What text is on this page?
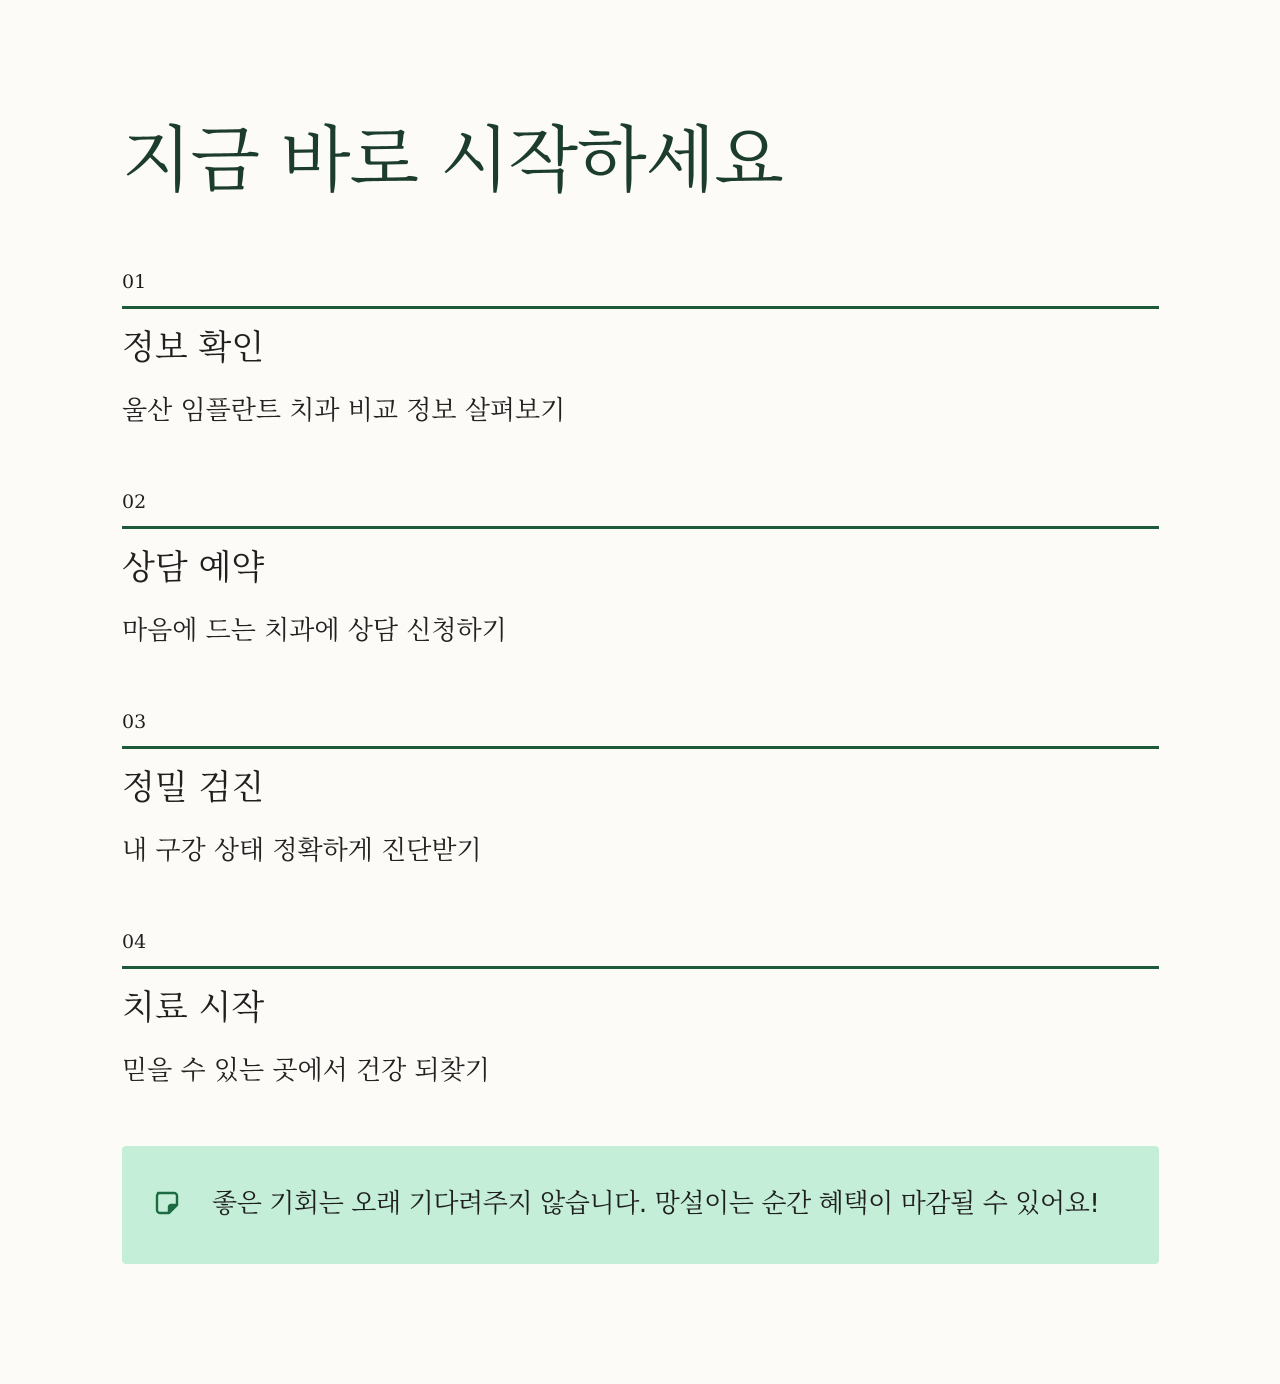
지금 바로 시작하세요
01
정보 확인

울산 임플란트 치과 비교 정보 살펴보기

02
상담 예약

마음에 드는 치과에 상담 신청하기

03
정밀 검진

내 구강 상태 정확하게 진단받기

04
치료 시작

믿을 수 있는 곳에서 건강 되찾기

좋은 기회는 오래 기다려주지 않습니다. 망설이는 순간 혜택이 마감될 수 있어요!
